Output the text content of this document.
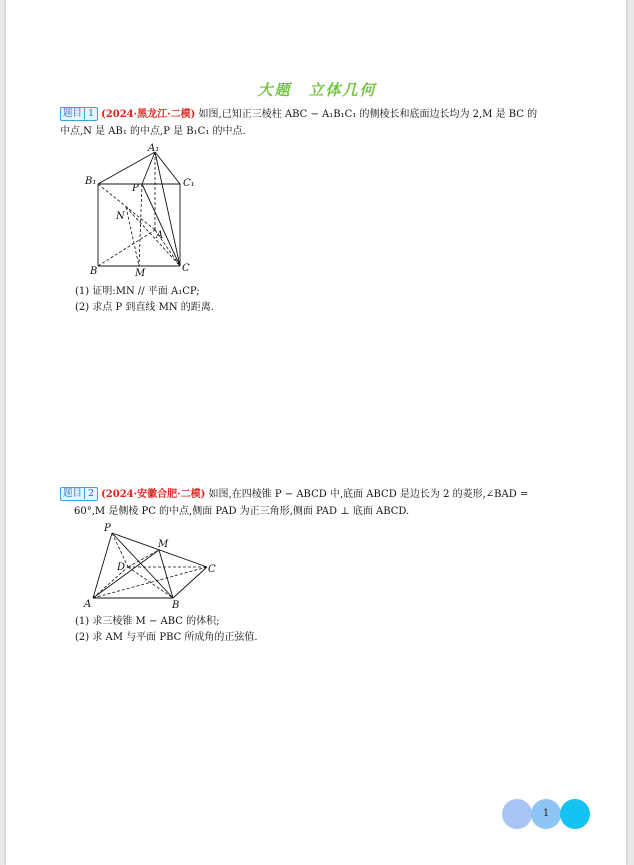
大题　立体几何
题目 1 (2024·黑龙江·二模) 如图,已知正三棱柱 ABC − A₁B₁C₁ 的侧棱长和底面边长均为 2,M 是 BC 的
中点,N 是 AB₁ 的中点,P 是 B₁C₁ 的中点.
A₁
B₁	C₁
P
N
A
B	M	C
(1) 证明:MN // 平面 A₁CP;
(2) 求点 P 到直线 MN 的距离.
题目 2 (2024·安徽合肥·二模) 如图,在四棱锥 P − ABCD 中,底面 ABCD 是边长为 2 的菱形,∠BAD =
60°,M 是侧棱 PC 的中点,侧面 PAD 为正三角形,侧面 PAD ⊥ 底面 ABCD.
P
M
D	C
A	B
(1) 求三棱锥 M − ABC 的体积;
(2) 求 AM 与平面 PBC 所成角的正弦值.
1
